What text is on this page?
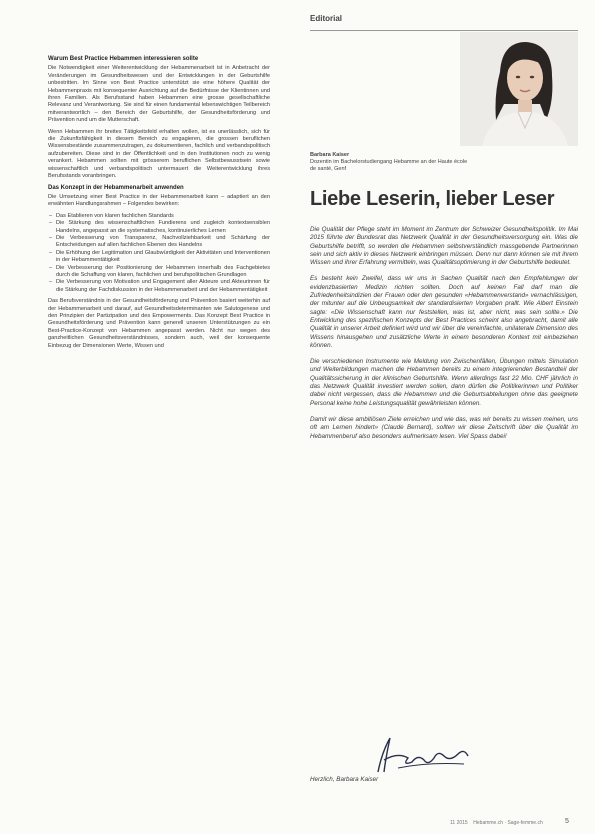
Editorial
Warum Best Practice Hebammen interessieren sollte

Die Notwendigkeit einer Weiterentwicklung der Hebammenarbeit ist in Anbetracht der Veränderungen im Gesundheitswesen und der Entwicklungen in der Geburtshilfe unbestritten. Im Sinne von Best Practice unterstützt sie eine höhere Qualität der Hebammenpraxis mit konsequenter Ausrichtung auf die Bedürfnisse der Klientinnen und ihren Familien. Als Berufsstand haben Hebammen eine grosse gesellschaftliche Relevanz und Verantwortung. Sie sind für einen fundamental lebenswichtigen Teilbereich mitverantwortlich – den Bereich der Geburtshilfe, der Gesundheitsförderung und Prävention rund um die Mutterschaft.

Wenn Hebammen ihr breites Tätigkeitsfeld erhalten wollen, ist es unerlässlich, sich für die Zukunftsfähigkeit in diesem Bereich zu engagieren, die grossen beruflichen Wissensbestände zusammenzutragen, zu dokumentieren, fachlich und verbandspolitisch aufzubereiten. Diese sind in der Öffentlichkeit und in den Institutionen noch zu wenig verankert. Hebammen sollten mit grösserem beruflichen Selbstbewusstsein sowie wissenschaftlich und verbandspolitisch untermauert die Weiterentwicklung ihres Berufsstands voranbringen.

Das Konzept in der Hebammenarbeit anwenden

Die Umsetzung einer Best Practice in der Hebammenarbeit kann – adaptiert an den erwähnten Handlungsrahmen – Folgendes bewirken:

– Das Etablieren von klaren fachlichen Standards
– Die Stärkung des wissenschaftlichen Fundierens und zugleich kontextsensiblen Handelns, angepasst an die systematisches, kontinuierliches Lernen
– Die Verbesserung von Transparenz, Nachvollziehbarkeit und Schärfung der Entscheidungen auf allen fachlichen Ebenen des Handelns
– Die Erhöhung der Legitimation und Glaubwürdigkeit der Aktivitäten und Interventionen in der Hebammentätigkeit
– Die Verbesserung der Positionierung der Hebammen innerhalb des Fachgebietes durch die Schaffung von klaren, fachlichen und berufspolitischen Grundlagen
– Die Verbesserung von Motivation und Engagement aller Akteure und Akteurinnen für die Stärkung der Fachdiskussion in der Hebammenarbeit und der Hebammentätigkeit

Das Berufsverständnis in der Gesundheitsförderung und Prävention basiert weiterhin auf der Hebammenarbeit und darauf, auf Gesundheitsdeterminanten wie Salutogenese und den Prinzipien der Partizipation und des Empowerments. Das Konzept Best Practice in Gesundheitsförderung und Prävention kann generell unseren Unterstützungen zu ein Best-Practice-Konzept von Hebammen angepasst werden. Nicht nur wegen des ganzheitlichen Gesundheitsverständnisses, sondern auch, weil der konsequente Einbezug der Dimensionen Werte, Wissen und

Barbara Kaiser
Dozentin im Bachelorstudiengang Hebamme an der Haute école de santé, Genf
Liebe Leserin, lieber Leser

Die Qualität der Pflege steht im Moment im Zentrum der Schweizer Gesundheitspolitik. Im Mai 2015 führte der Bundesrat das Netzwerk Qualität in der Gesundheitsversorgung ein. Was die Geburtshilfe betrifft, so werden die Hebammen selbstverständlich massgebende Partnerinnen sein und sich aktiv in dieses Netzwerk einbringen müssen. Denn nur dann können sie mit ihrem Wissen und ihrer Erfahrung vermitteln, was Qualitätsoptimierung in der Geburtshilfe bedeutet.

Es besteht kein Zweifel, dass wir uns in Sachen Qualität nach den Empfehlungen der evidenzbasierten Medizin richten sollten. Doch auf keinen Fall darf man die Zufriedenheitsindizien der Frauen oder den gesunden «Hebammenverstand» vernachlässigen, der mitunter auf die Unbeugsamkeit der standardisierten Vorgaben prallt. Wie Albert Einstein sagte: «Die Wissenschaft kann nur feststellen, was ist, aber nicht, was sein sollte.» Die Entwicklung des spezifischen Konzepts der Best Practices scheint also angebracht, damit alle Qualität in unserer Arbeit definiert wird und wir über die vereinfachte, unilaterale Dimension des Wissens hinausgehen und zusätzliche Werte in einem besonderen Kontext mit einbeziehen können.

Die verschiedenen Instrumente wie Meldung von Zwischenfällen, Übungen mittels Simulation und Weiterbildungen machen die Hebammen bereits zu einem integrierenden Bestandteil der Qualitätssicherung in der klinischen Geburtshilfe. Wenn allerdings fast 22 Mio. CHF jährlich in das Netzwerk Qualität investiert werden sollen, dann dürfen die Politikerinnen und Politiker dabei nicht vergessen, dass die Hebammen und die Geburtsabteilungen ohne das geeignete Personal keine hohe Leistungsqualität gewährleisten können.

Damit wir diese ambitiösen Ziele erreichen und wie das, was wir bereits zu wissen meinen, uns oft am Lernen hindert» (Claude Bernard), sollten wir diese Zeitschrift über die Qualität im Hebammenberuf also besonders aufmerksam lesen. Viel Spass dabei!

Herzlich, Barbara Kaiser
11 2015 Hebamme.ch · Sage-femme.ch	5
